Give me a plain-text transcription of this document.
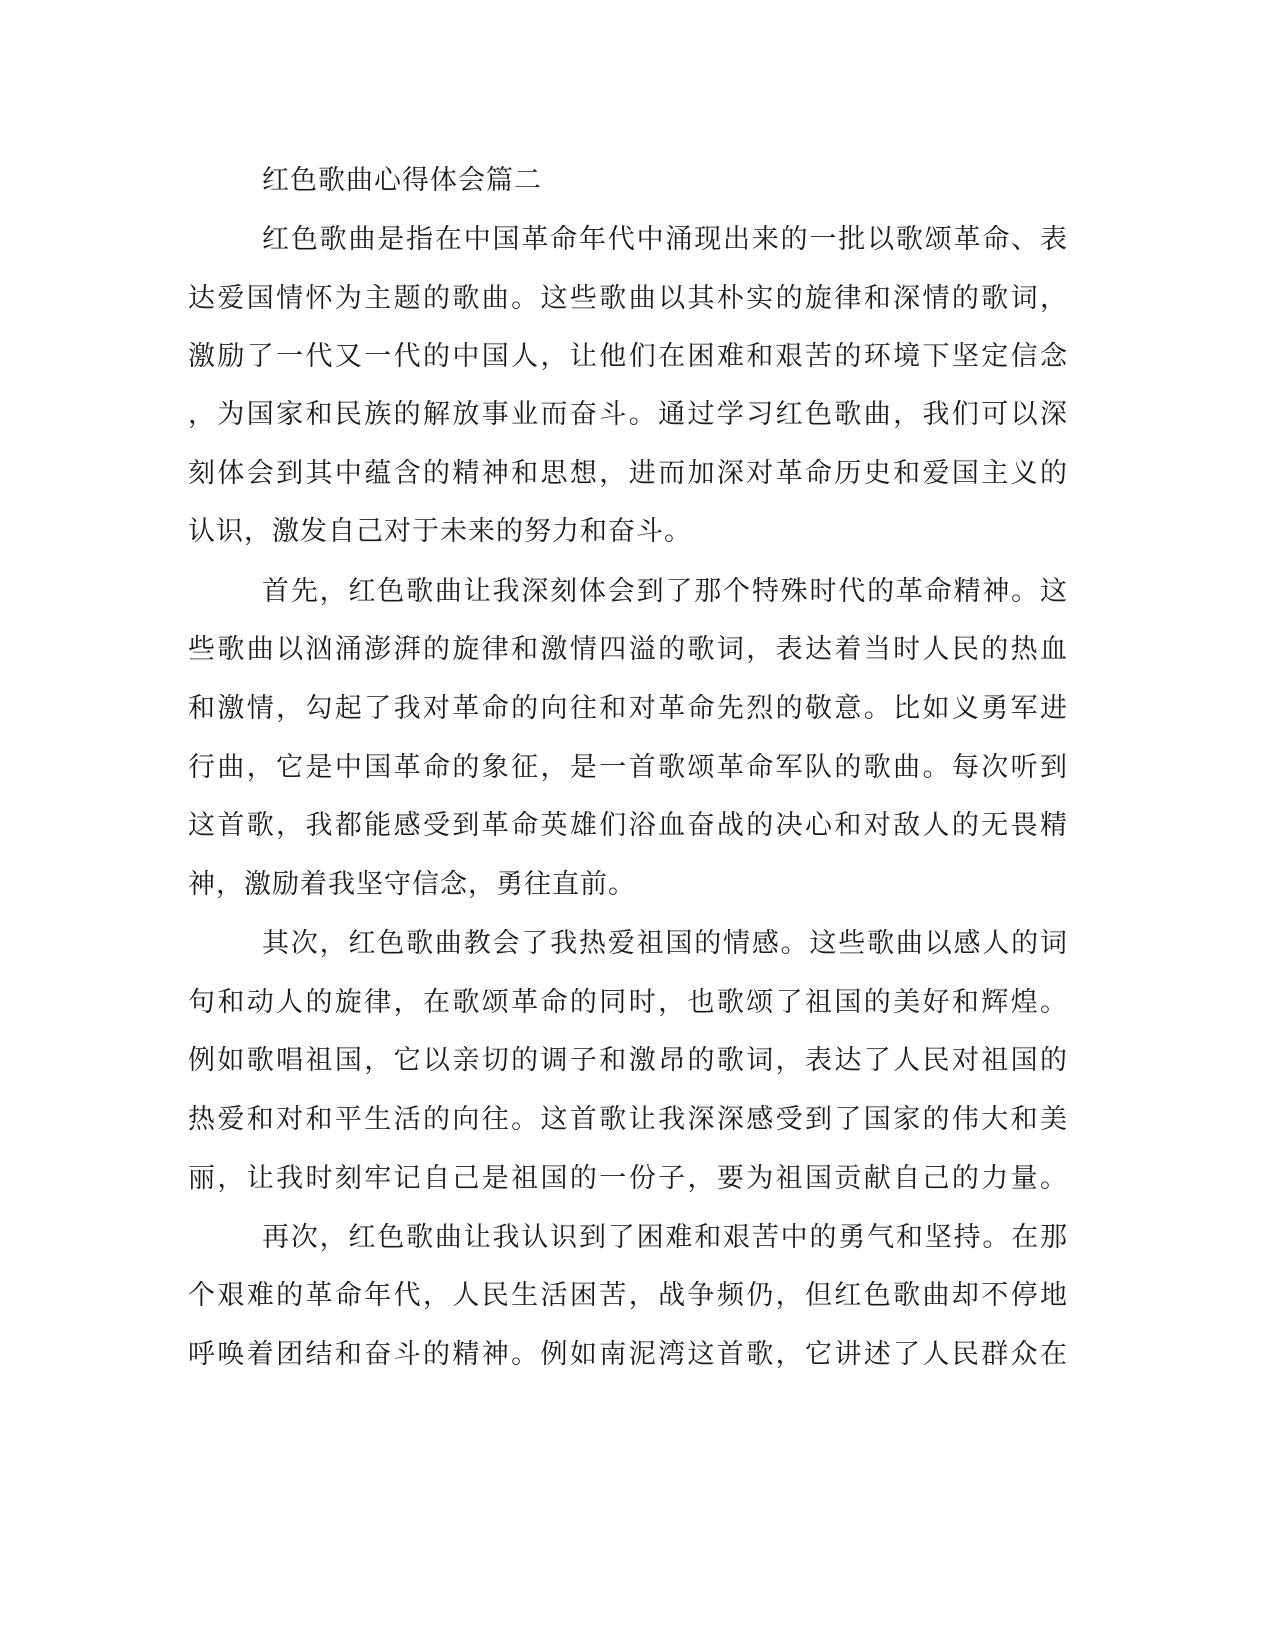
红色歌曲心得体会篇二

红色歌曲是指在中国革命年代中涌现出来的一批以歌颂革命、表

达爱国情怀为主题的歌曲。这些歌曲以其朴实的旋律和深情的歌词，

激励了一代又一代的中国人，让他们在困难和艰苦的环境下坚定信念

，为国家和民族的解放事业而奋斗。通过学习红色歌曲，我们可以深

刻体会到其中蕴含的精神和思想，进而加深对革命历史和爱国主义的

认识，激发自己对于未来的努力和奋斗。

首先，红色歌曲让我深刻体会到了那个特殊时代的革命精神。这

些歌曲以汹涌澎湃的旋律和激情四溢的歌词，表达着当时人民的热血

和激情，勾起了我对革命的向往和对革命先烈的敬意。比如义勇军进

行曲，它是中国革命的象征，是一首歌颂革命军队的歌曲。每次听到

这首歌，我都能感受到革命英雄们浴血奋战的决心和对敌人的无畏精

神，激励着我坚守信念，勇往直前。

其次，红色歌曲教会了我热爱祖国的情感。这些歌曲以感人的词

句和动人的旋律，在歌颂革命的同时，也歌颂了祖国的美好和辉煌。

例如歌唱祖国，它以亲切的调子和激昂的歌词，表达了人民对祖国的

热爱和对和平生活的向往。这首歌让我深深感受到了国家的伟大和美

丽，让我时刻牢记自己是祖国的一份子，要为祖国贡献自己的力量。

再次，红色歌曲让我认识到了困难和艰苦中的勇气和坚持。在那

个艰难的革命年代，人民生活困苦，战争频仍，但红色歌曲却不停地

呼唤着团结和奋斗的精神。例如南泥湾这首歌，它讲述了人民群众在
